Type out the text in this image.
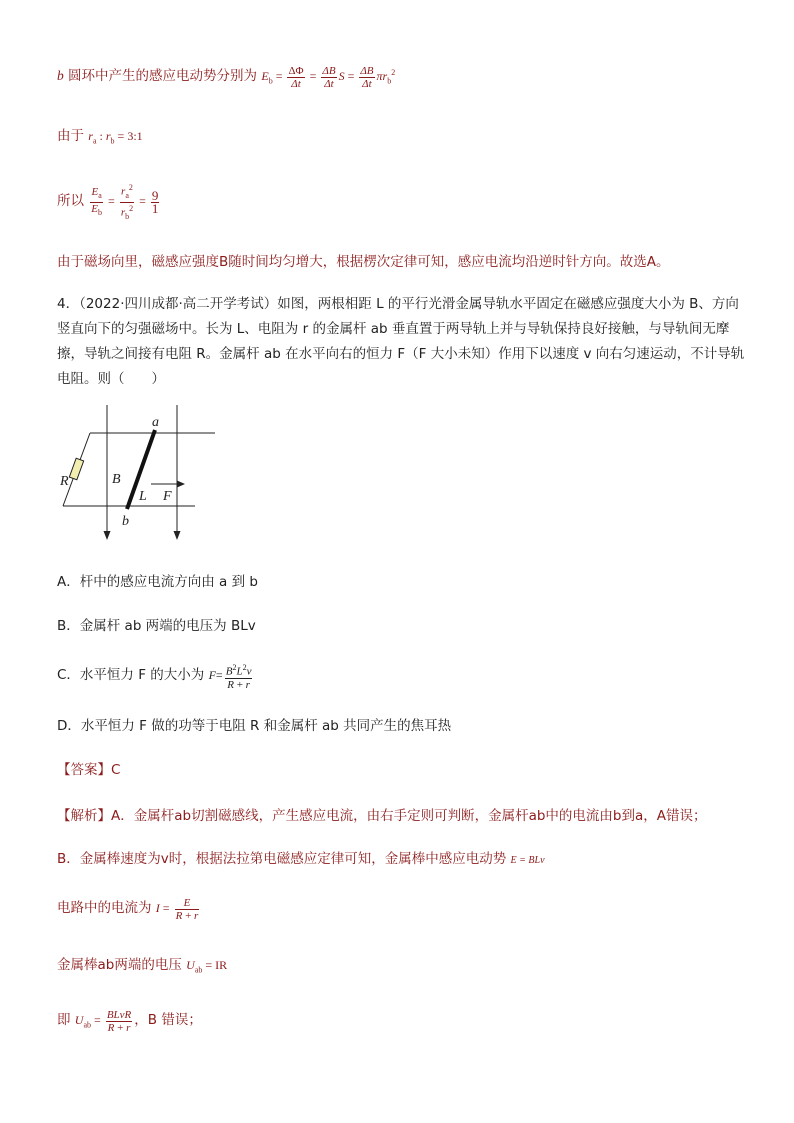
b 圆环中产生的感应电动势分别为 $E_b = \frac{\Delta\Phi}{\Delta t} = \frac{\Delta B}{\Delta t}$ $S = \frac{\Delta B}{\Delta t} \pi r_b^2$
由于 $r_a$ : $r_b$ = 3:1
所以 $\frac{E_a}{E_b} = \frac{r_a^2}{r_b^2} = \frac{9}{1}$
由于磁场向里，磁感应强度B随时间均匀增大，根据楞次定律可知，感应电流均沿逆时针方向。故选A。
4．（2022·四川成都·高二开学考试）如图，两根相距 L 的平行光滑金属导轨水平固定在磁感应强度大小为 B、方向竖直向下的匀强磁场中。长为 L、电阻为 r 的金属杆 ab 垂直置于两导轨上并与导轨保持良好接触，与导轨间无摩擦，导轨之间接有电阻 R。金属杆 ab 在水平向右的恒力 F（F 大小未知）作用下以速度 v 向右匀速运动，不计导轨电阻。则（　　）
R	B
a
L F
b
A．杆中的感应电流方向由 a 到 b
B．金属杆 ab 两端的电压为 BLv
C．水平恒力 F 的大小为 $F= \frac{B^2L^2v}{R + r}$
D．水平恒力 F 做的功等于电阻 R 和金属杆 ab 共同产生的焦耳热
【答案】C
【解析】A．金属杆ab切割磁感线，产生感应电流，由右手定则可判断，金属杆ab中的电流由b到a，A错误；
B．金属棒速度为v时，根据法拉第电磁感应定律可知，金属棒中感应电动势 E = BLv
电路中的电流为 $I = \frac{E}{R + r}$
金属棒ab两端的电压 $U_{ab}$ = IR
即 $U_{ab} = \frac{\text{BLvR}}{R + r}$ ，B 错误；
